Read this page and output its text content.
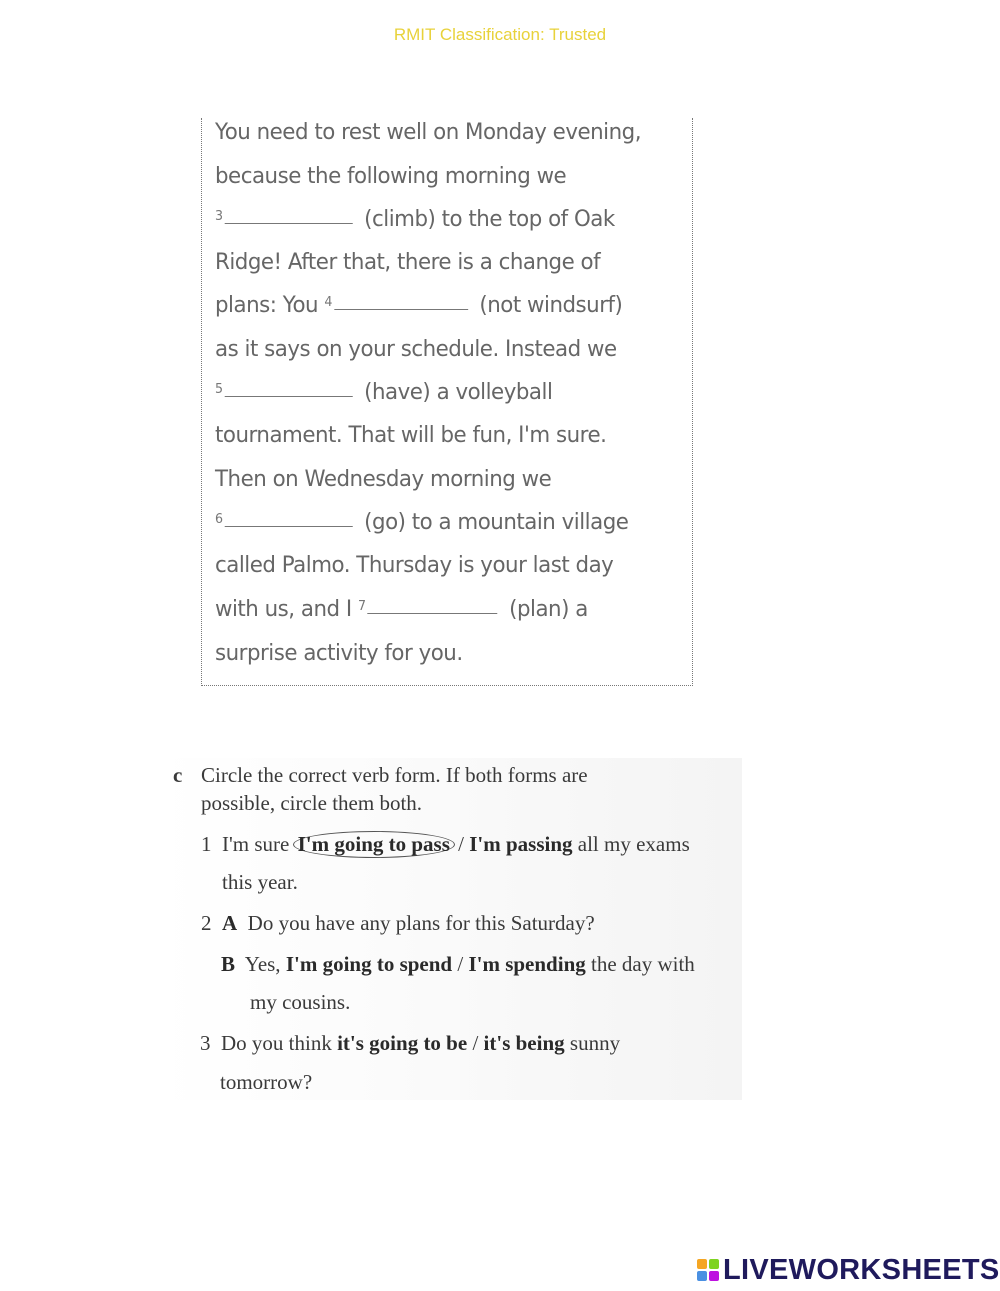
RMIT Classification: Trusted
You need to rest well on Monday evening,
because the following morning we
$^3$	(climb) to the top of Oak
Ridge! After that, there is a change of
plans: You $^4$	(not windsurf)
as it says on your schedule. Instead we
$^5$	(have) a volleyball
tournament. That will be fun, I'm sure.
Then on Wednesday morning we
$^6$	(go) to a mountain village
called Palmo. Thursday is your last day
with us, and I $^7$	(plan) a
surprise activity for you.
c Circle the correct verb form. If both forms are
possible, circle them both.
1 I'm sure I'm going to pass / I'm passing all my exams
this year.
2 A Do you have any plans for this Saturday?
B Yes, I'm going to spend / I'm spending the day with
my cousins.
3 Do you think it's going to be / it's being sunny
tomorrow?
LIVEWORKSHEETS
